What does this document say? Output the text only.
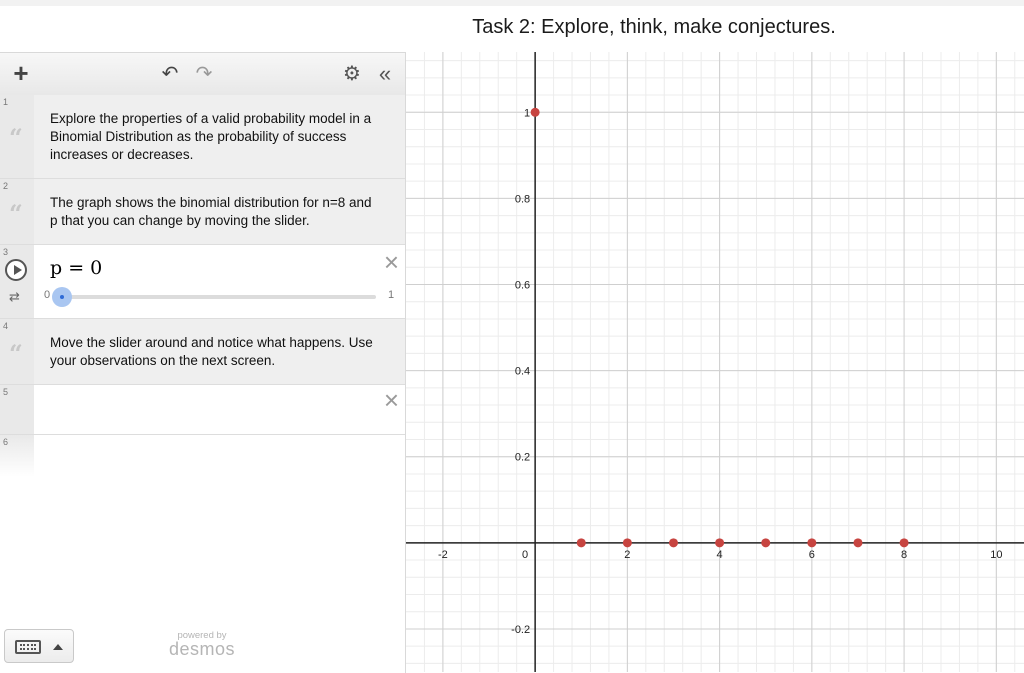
Task 2: Explore, think, make conjectures.
+	↶ ↷	⚙ «
1
“
Explore the properties of a valid probability model in a Binomial Distribution as the probability of success increases or decreases.
2
“ The graph shows the binomial distribution for n=8 and p that you can change by moving the slider.
3
⇄
p = 0	×
0	1
4
“ Move the slider around and notice what happens. Use your observations on the next screen.
5	×
6
powered by
desmos
-2	0	2	4	6	8	10
1
0.8
0.6
0.4
0.2
-0.2
